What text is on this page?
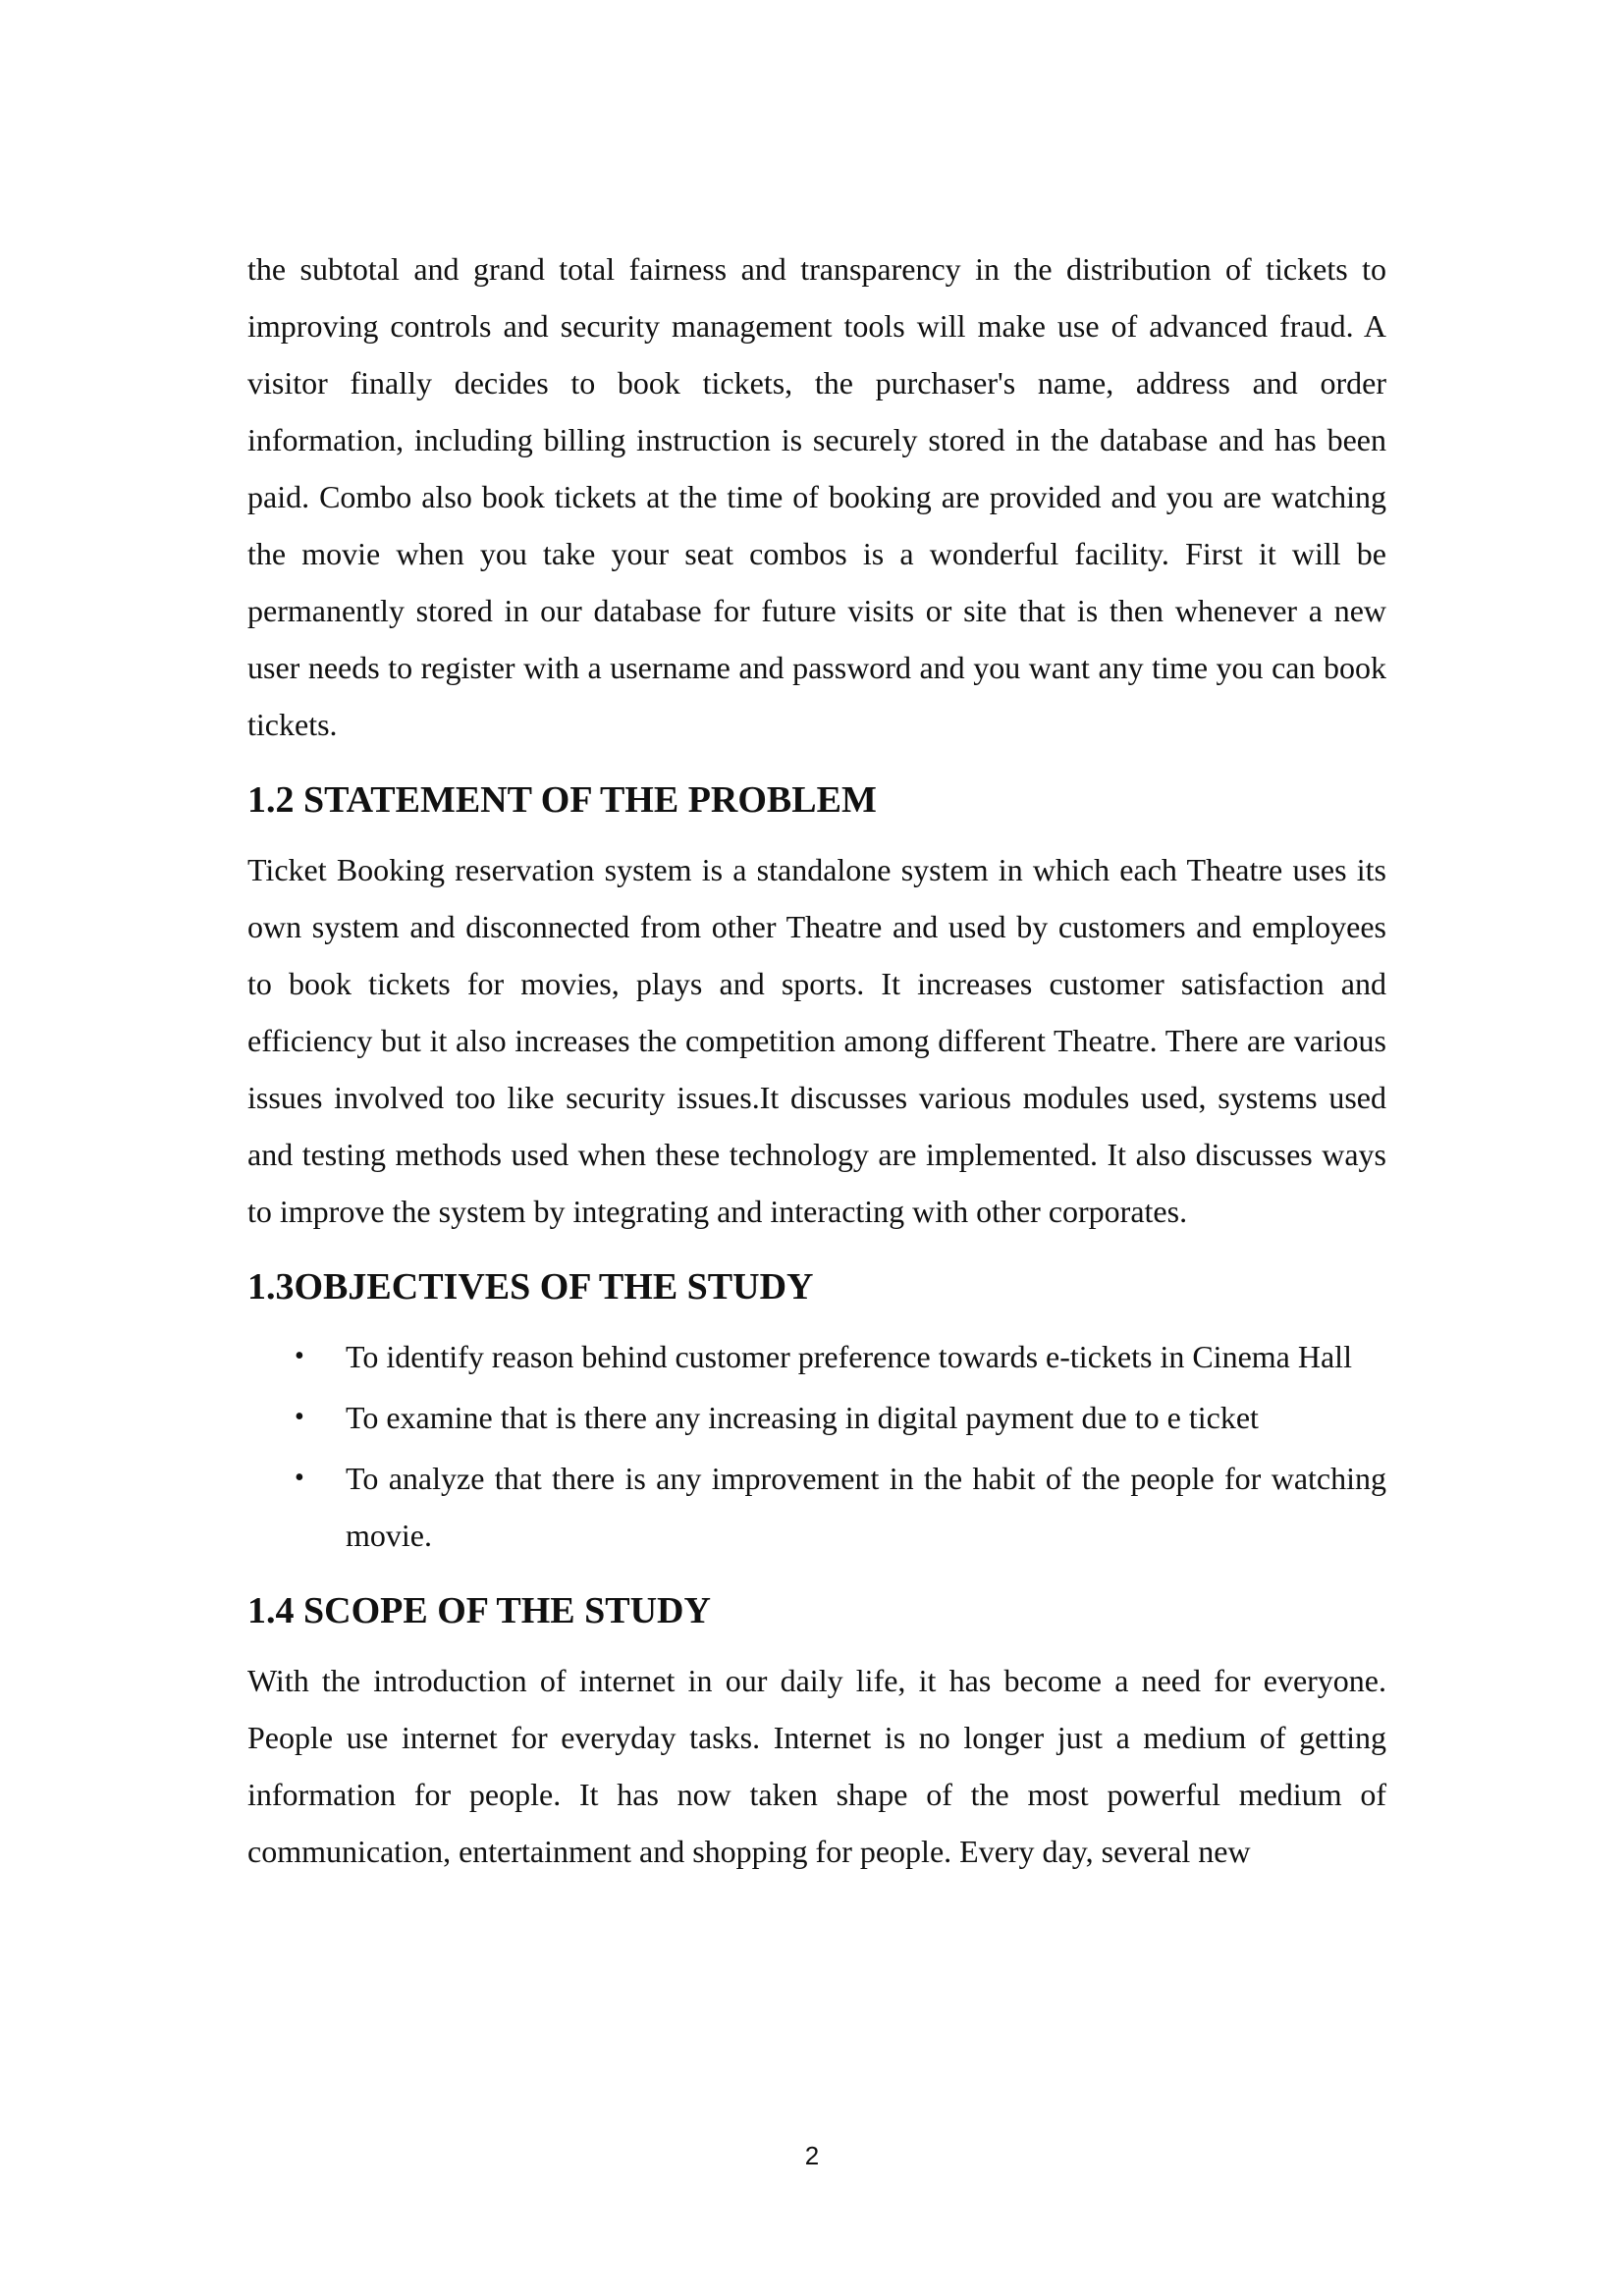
the subtotal and grand total fairness and transparency in the distribution of tickets to improving controls and security management tools will make use of advanced fraud. A visitor finally decides to book tickets, the purchaser's name, address and order information, including billing instruction is securely stored in the database and has been paid. Combo also book tickets at the time of booking are provided and you are watching the movie when you take your seat combos is a wonderful facility. First it will be permanently stored in our database for future visits or site that is then whenever a new user needs to register with a username and password and you want any time you can book tickets.

1.2 STATEMENT OF THE PROBLEM

Ticket Booking reservation system is a standalone system in which each Theatre uses its own system and disconnected from other Theatre and used by customers and employees to book tickets for movies, plays and sports. It increases customer satisfaction and efficiency but it also increases the competition among different Theatre. There are various issues involved too like security issues.It discusses various modules used, systems used and testing methods used when these technology are implemented. It also discusses ways to improve the system by integrating and interacting with other corporates.

1.3OBJECTIVES OF THE STUDY
• To identify reason behind customer preference towards e-tickets in Cinema Hall
• To examine that is there any increasing in digital payment due to e ticket
• To analyze that there is any improvement in the habit of the people for watching movie.
1.4 SCOPE OF THE STUDY

With the introduction of internet in our daily life, it has become a need for everyone. People use internet for everyday tasks. Internet is no longer just a medium of getting information for people. It has now taken shape of the most powerful medium of communication, entertainment and shopping for people. Every day, several new

2
